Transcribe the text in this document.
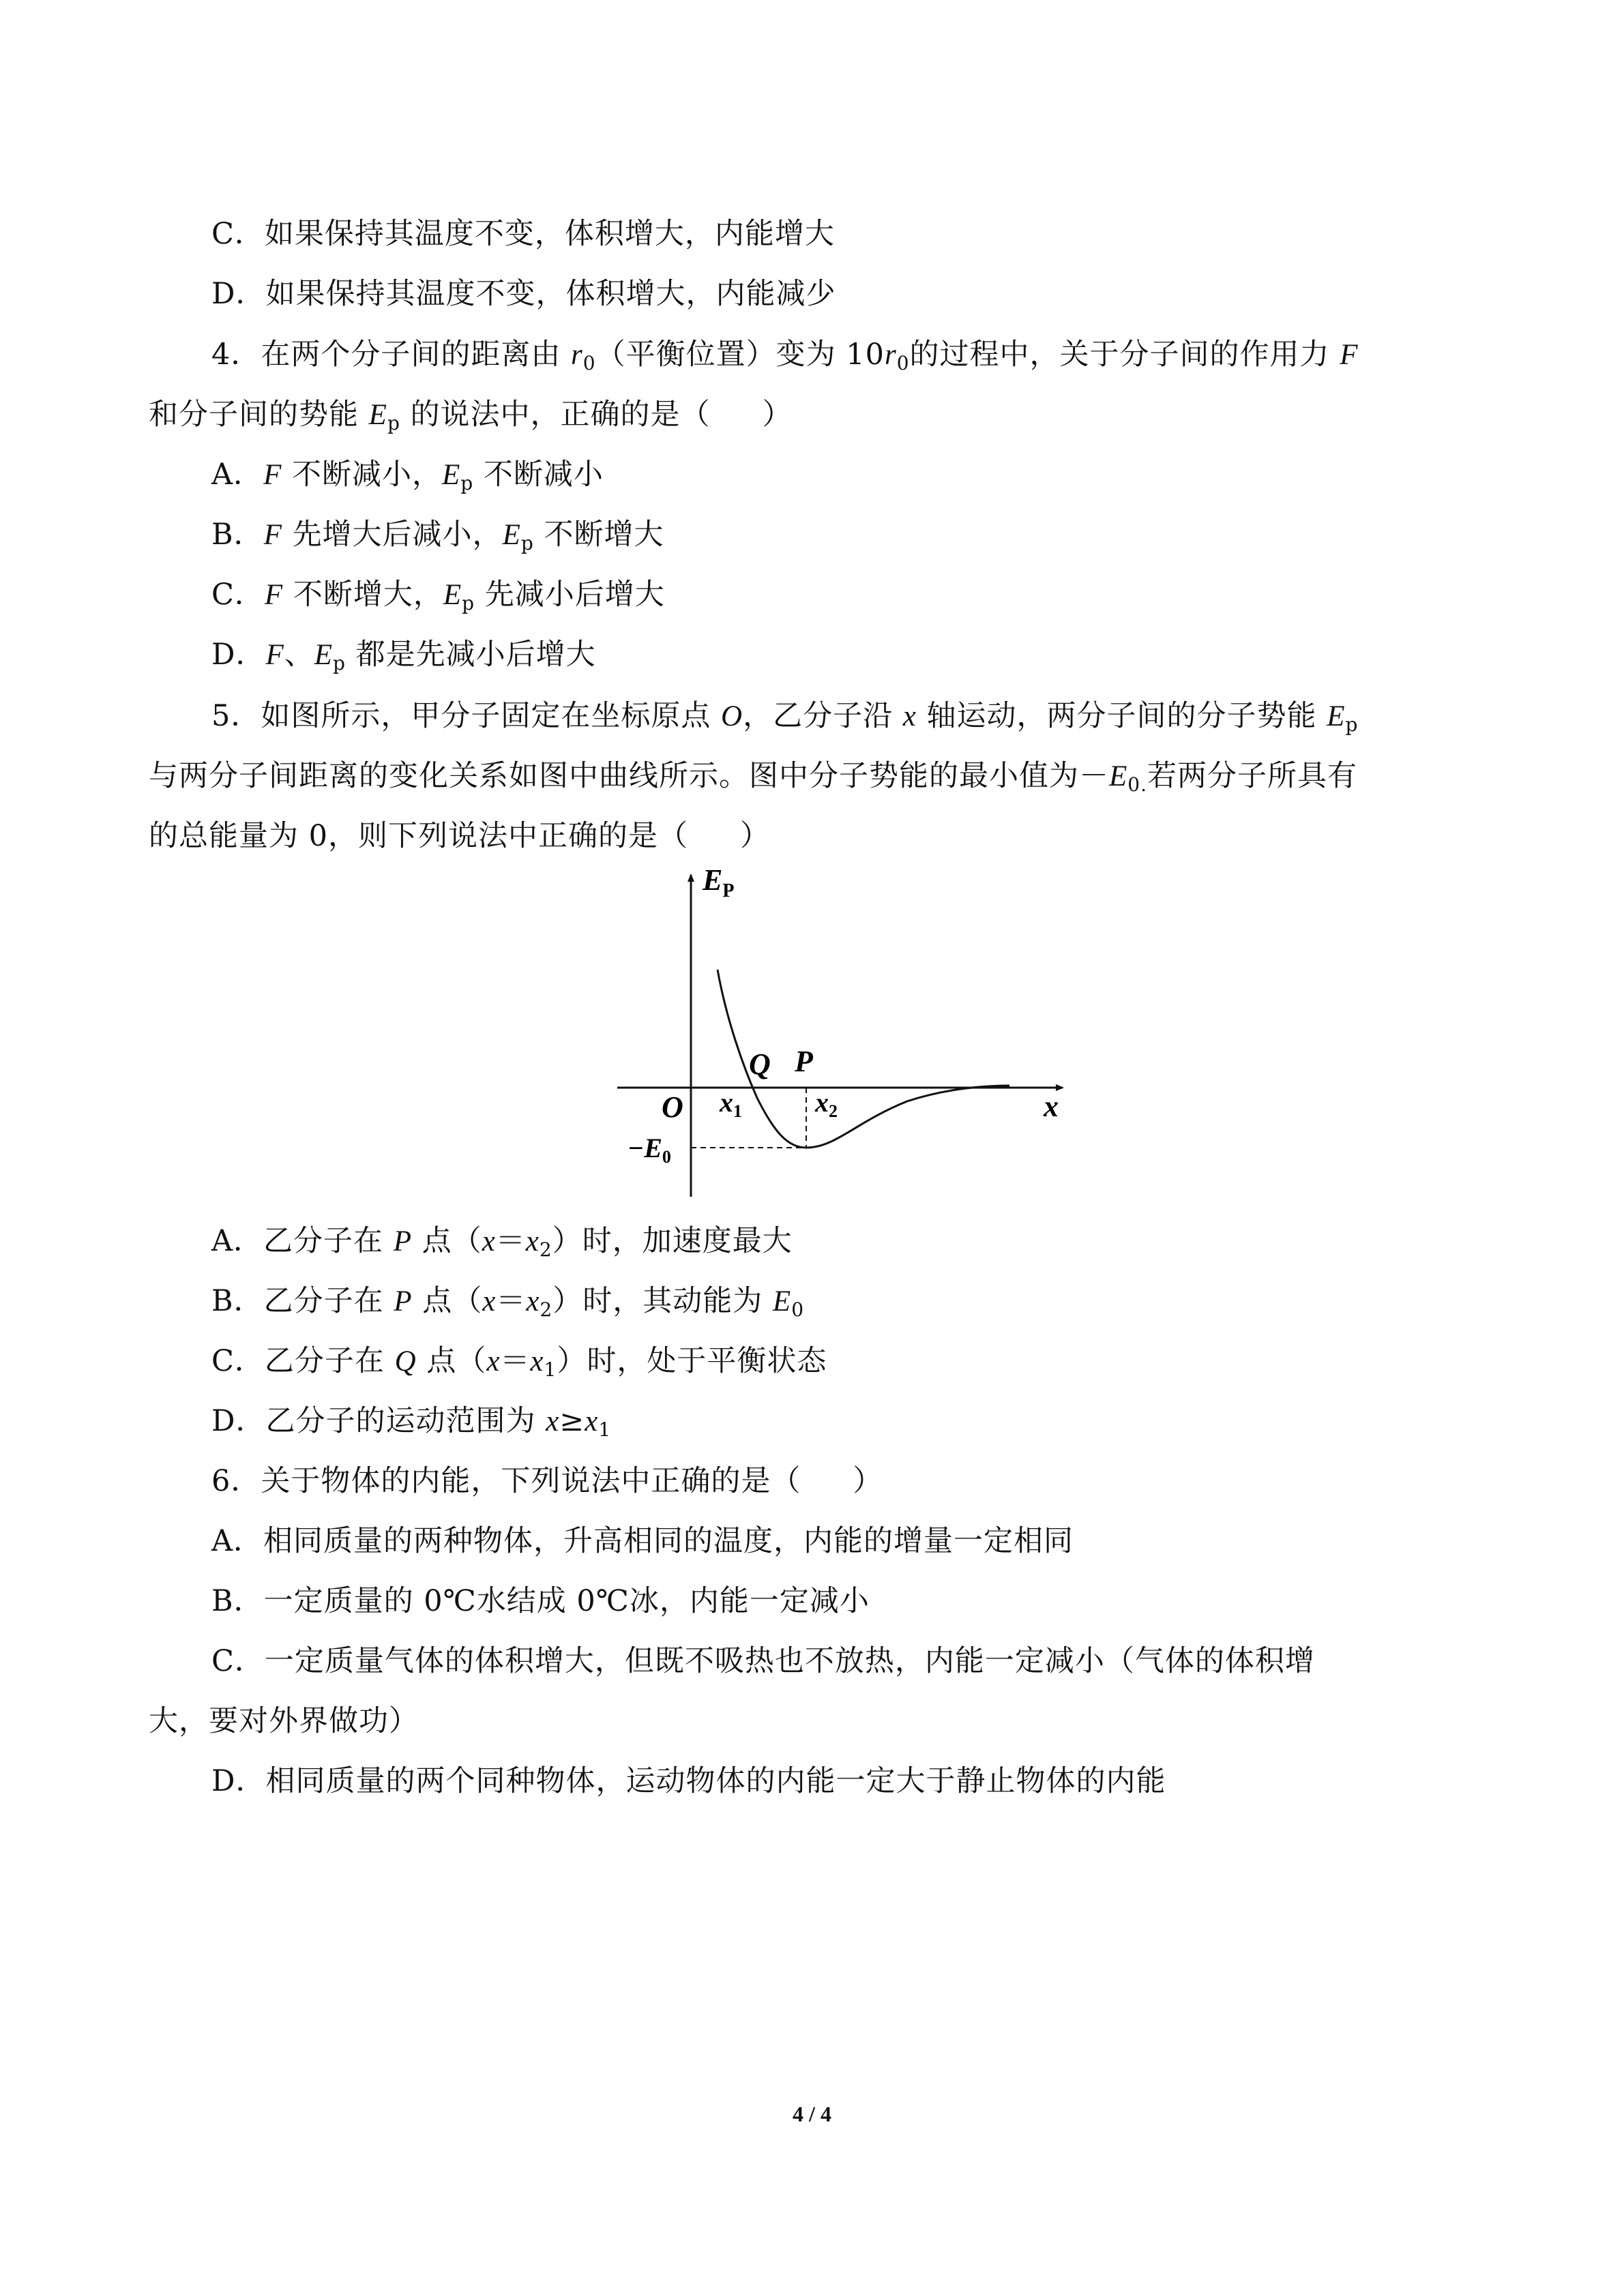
C．如果保持其温度不变，体积增大，内能增大
D．如果保持其温度不变，体积增大，内能减少
4．在两个分子间的距离由 $r_0$（平衡位置）变为 $10r_0$的过程中，关于分子间的作用力 F
和分子间的势能 $E_p$ 的说法中，正确的是（ ）
A．F 不断减小，$E_p$ 不断减小
B．F 先增大后减小，$E_p$ 不断增大
C．F 不断增大，$E_p$ 先减小后增大
D．F、$E_p$ 都是先减小后增大
5．如图所示，甲分子固定在坐标原点 O，乙分子沿 x 轴运动，两分子间的分子势能 $E_p$
与两分子间距离的变化关系如图中曲线所示。图中分子势能的最小值为$-E_{0.}$若两分子所具有
的总能量为 0，则下列说法中正确的是（ ）
$E_P$
x
O
Q P
$x_1$	$x_2$
$-E_0$
A．乙分子在 P 点$(x=x_2)$时，加速度最大
B．乙分子在 P 点$(x=x_2)$时，其动能为 $E_0$
C．乙分子在 Q 点$(x=x_1)$时，处于平衡状态
D．乙分子的运动范围为 $x\ge x_1$
6．关于物体的内能，下列说法中正确的是（ ）
A．相同质量的两种物体，升高相同的温度，内能的增量一定相同
B．一定质量的 0℃水结成 0℃冰，内能一定减小
C．一定质量气体的体积增大，但既不吸热也不放热，内能一定减小（气体的体积增
大，要对外界做功）
D．相同质量的两个同种物体，运动物体的内能一定大于静止物体的内能
4 / 4
